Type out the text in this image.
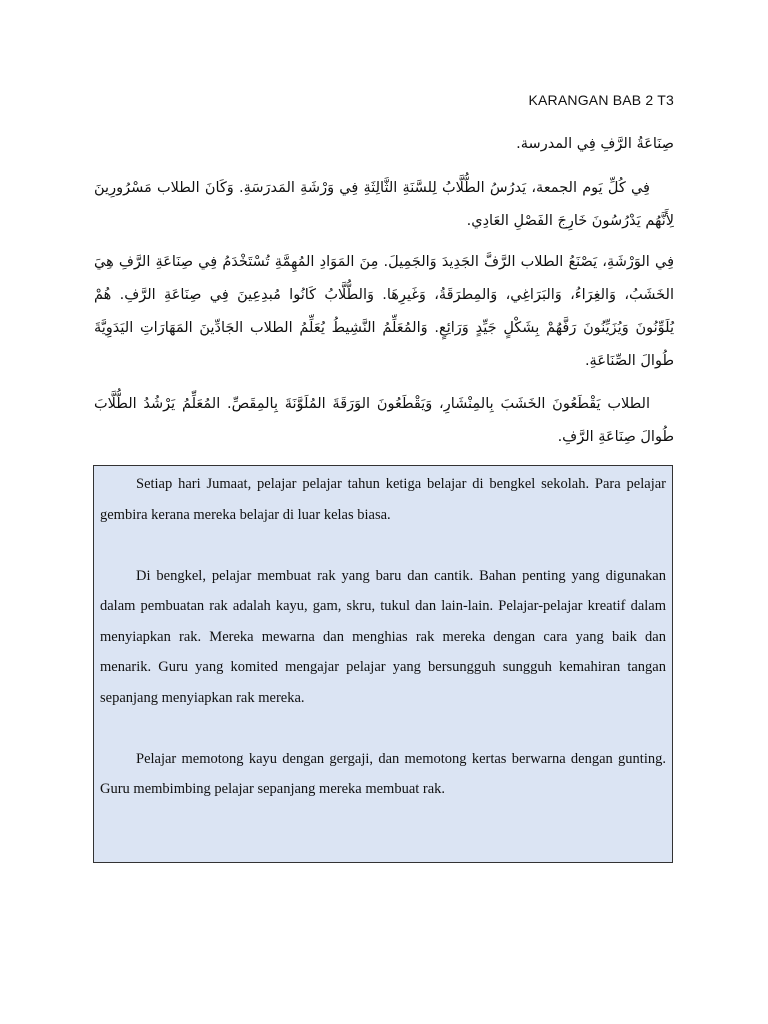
KARANGAN BAB 2 T3

صِنَاعَةُ الرَّفِ فِي المدرسة.

فِي كُلِّ يَوم الجمعة، يَدرُسُ الطُّلَّابُ لِلسَّنَةِ الثَّالِثَةِ فِي وَرْشَةِ المَدرَسَةِ. وَكَانَ الطلاب مَسْرُورِينَ لِأَنَّهُم يَدْرُسُونَ خَارِجَ الفَصْلِ العَادِي.

فِي الوَرْشَةِ، يَصْنَعُ الطلاب الرَّفَّ الجَدِيدَ وَالجَمِيلَ. مِنَ المَوَادِ المُهِمَّةِ تُسْتَخْدَمُ فِي صِنَاعَةِ الرَّفِ هِيَ الخَشَبُ، وَالغِرَاءُ، وَالبَرَاغِي، وَالمِطرَقَةُ، وَغَيرِهَا. وَالطُّلَّابُ كَانُوا مُبدِعِينَ فِي صِنَاعَةِ الرَّفِ. هُمْ يُلَوِّنُونَ وَيُزَيِّنُونَ رَفَّهُمْ بِشَكْلٍ جَيِّدٍ وَرَائِعٍ. وَالمُعَلِّمُ النَّشِيطُ يُعَلِّمُ الطلاب الجَادِّينَ المَهَارَاتِ اليَدَوِيَّةَ طُوالَ الصِّنَاعَةِ.

الطلاب يَقْطَعُونَ الخَشَبَ بِالمِنْشَارِ، وَيَقْطَعُونَ الوَرَقَةَ المُلَوَّنَةَ بِالمِقَصِّ. المُعَلِّمُ يَرْشُدُ الطُّلَّابَ طُوالَ صِنَاعَةِ الرَّفِ.

Setiap hari Jumaat, pelajar pelajar tahun ketiga belajar di bengkel sekolah. Para pelajar gembira kerana mereka belajar di luar kelas biasa.

Di bengkel, pelajar membuat rak yang baru dan cantik. Bahan penting yang digunakan dalam pembuatan rak adalah kayu, gam, skru, tukul dan lain-lain. Pelajar-pelajar kreatif dalam menyiapkan rak. Mereka mewarna dan menghias rak mereka dengan cara yang baik dan menarik. Guru yang komited mengajar pelajar yang bersungguh sungguh kemahiran tangan sepanjang menyiapkan rak mereka.

Pelajar memotong kayu dengan gergaji, dan memotong kertas berwarna dengan gunting. Guru membimbing pelajar sepanjang mereka membuat rak.
